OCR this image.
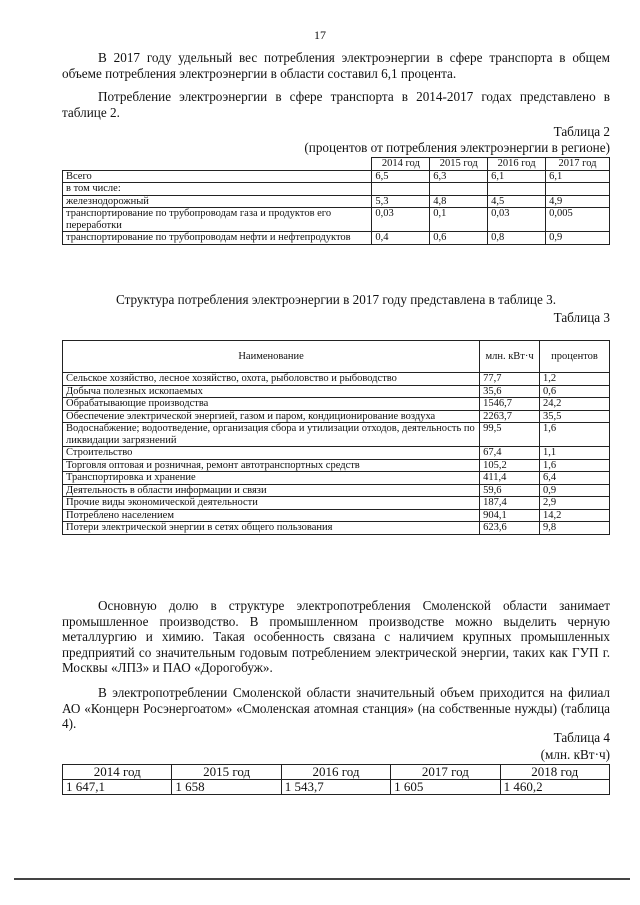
17

В 2017 году удельный вес потребления электроэнергии в сфере транспорта в общем объеме потребления электроэнергии в области составил 6,1 процента.

Потребление электроэнергии в сфере транспорта в 2014-2017 годах представлено в таблице 2.

Таблица 2
(процентов от потребления электроэнергии в регионе)
	2014 год	2015 год	2016 год	2017 год
Всего	6,5	6,3	6,1	6,1
в том числе:				
железнодорожный	5,3	4,8	4,5	4,9
транспортирование по трубопроводам газа и продуктов его переработки	0,03	0,1	0,03	0,005
транспортирование по трубопроводам нефти и нефтепродуктов	0,4	0,6	0,8	0,9
Структура потребления электроэнергии в 2017 году представлена в таблице 3.
Таблица 3
Наименование	млн. кВт·ч	процентов
Сельское хозяйство, лесное хозяйство, охота, рыболовство и рыбоводство	77,7	1,2
Добыча полезных ископаемых	35,6	0,6
Обрабатывающие производства	1546,7	24,2
Обеспечение электрической энергией, газом и паром, кондиционирование воздуха	2263,7	35,5
Водоснабжение; водоотведение, организация сбора и утилизации отходов, деятельность по ликвидации загрязнений	99,5	1,6
Строительство	67,4	1,1
Торговля оптовая и розничная, ремонт автотранспортных средств	105,2	1,6
Транспортировка и хранение	411,4	6,4
Деятельность в области информации и связи	59,6	0,9
Прочие виды экономической деятельности	187,4	2,9
Потреблено населением	904,1	14,2
Потери электрической энергии в сетях общего пользования	623,6	9,8

Основную долю в структуре электропотребления Смоленской области занимает промышленное производство. В промышленном производстве можно выделить черную металлургию и химию. Такая особенность связана с наличием крупных промышленных предприятий со значительным годовым потреблением электрической энергии, таких как ГУП г. Москвы «ЛПЗ» и ПАО «Дорогобуж».

В электропотреблении Смоленской области значительный объем приходится на филиал АО «Концерн Росэнергоатом» «Смоленская атомная станция» (на собственные нужды) (таблица 4).

Таблица 4
(млн. кВт·ч)
2014 год	2015 год	2016 год	2017 год	2018 год
1 647,1	1 658	1 543,7	1 605	1 460,2
